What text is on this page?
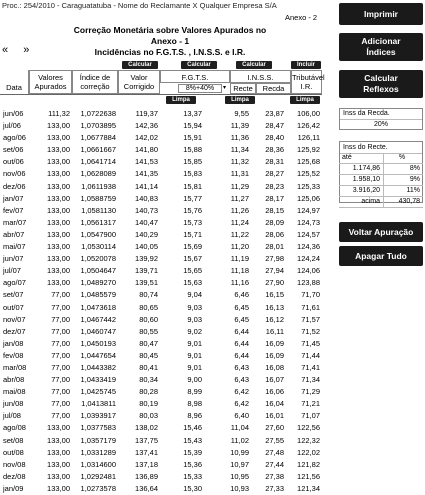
Proc.: 254/2010 - Caraguatatuba - Nome do Reclamante X Qualquer Empresa S/A
Anexo - 2
Correção Monetária sobre Valores Apurados no
Anexo - 1
Incidências no F.G.T.S. , I.N.S.S. e I.R.
« »
Calcular	Calcular	Calcular	Incluir
Data
Valores
Apurados
Índice de
correção
Valor
Corrigido
F.G.T.S.
8%+40%	▾
I.N.S.S.
Recte	Recda
Tributável
I.R.
Limpa	Limpa	Limpa
jun/06	111,32	1,0722638	119,37	13,37	9,55	23,87	106,00
jul/06	133,00	1,0703895	142,36	15,94	11,39	28,47	126,42
ago/06	133,00	1,0677884	142,02	15,91	11,36	28,40	126,11
set/06	133,00	1,0661667	141,80	15,88	11,34	28,36	125,92
out/06	133,00	1,0641714	141,53	15,85	11,32	28,31	125,68
nov/06	133,00	1,0628089	141,35	15,83	11,31	28,27	125,52
dez/06	133,00	1,0611938	141,14	15,81	11,29	28,23	125,33
jan/07	133,00	1,0588759	140,83	15,77	11,27	28,17	125,06
fev/07	133,00	1,0581130	140,73	15,76	11,26	28,15	124,97
mar/07	133,00	1,0561317	140,47	15,73	11,24	28,09	124,73
abr/07	133,00	1,0547900	140,29	15,71	11,22	28,06	124,57
mai/07	133,00	1,0530114	140,05	15,69	11,20	28,01	124,36
jun/07	133,00	1,0520078	139,92	15,67	11,19	27,98	124,24
jul/07	133,00	1,0504647	139,71	15,65	11,18	27,94	124,06
ago/07	133,00	1,0489270	139,51	15,63	11,16	27,90	123,88
set/07	77,00	1,0485579	80,74	9,04	6,46	16,15	71,70
out/07	77,00	1,0473618	80,65	9,03	6,45	16,13	71,61
nov/07	77,00	1,0467442	80,60	9,03	6,45	16,12	71,57
dez/07	77,00	1,0460747	80,55	9,02	6,44	16,11	71,52
jan/08	77,00	1,0450193	80,47	9,01	6,44	16,09	71,45
fev/08	77,00	1,0447654	80,45	9,01	6,44	16,09	71,44
mar/08	77,00	1,0443382	80,41	9,01	6,43	16,08	71,41
abr/08	77,00	1,0433419	80,34	9,00	6,43	16,07	71,34
mai/08	77,00	1,0425745	80,28	8,99	6,42	16,06	71,29
jun/08	77,00	1,0413811	80,19	8,98	6,42	16,04	71,21
jul/08	77,00	1,0393917	80,03	8,96	6,40	16,01	71,07
ago/08	133,00	1,0377583	138,02	15,46	11,04	27,60	122,56
set/08	133,00	1,0357179	137,75	15,43	11,02	27,55	122,32
out/08	133,00	1,0331289	137,41	15,39	10,99	27,48	122,02
nov/08	133,00	1,0314600	137,18	15,36	10,97	27,44	121,82
dez/08	133,00	1,0292481	136,89	15,33	10,95	27,38	121,56
jan/09	133,00	1,0273578	136,64	15,30	10,93	27,33	121,34
Imprimir
Adicionar
Índices
Calcular
Reflexos
Inss da Recda.
20%
Inss do Recte.
até	%
1.174,86	8%
1.958,10	9%
3.916,20	11%
acima	430,78
Voltar Apuração
Apagar Tudo
